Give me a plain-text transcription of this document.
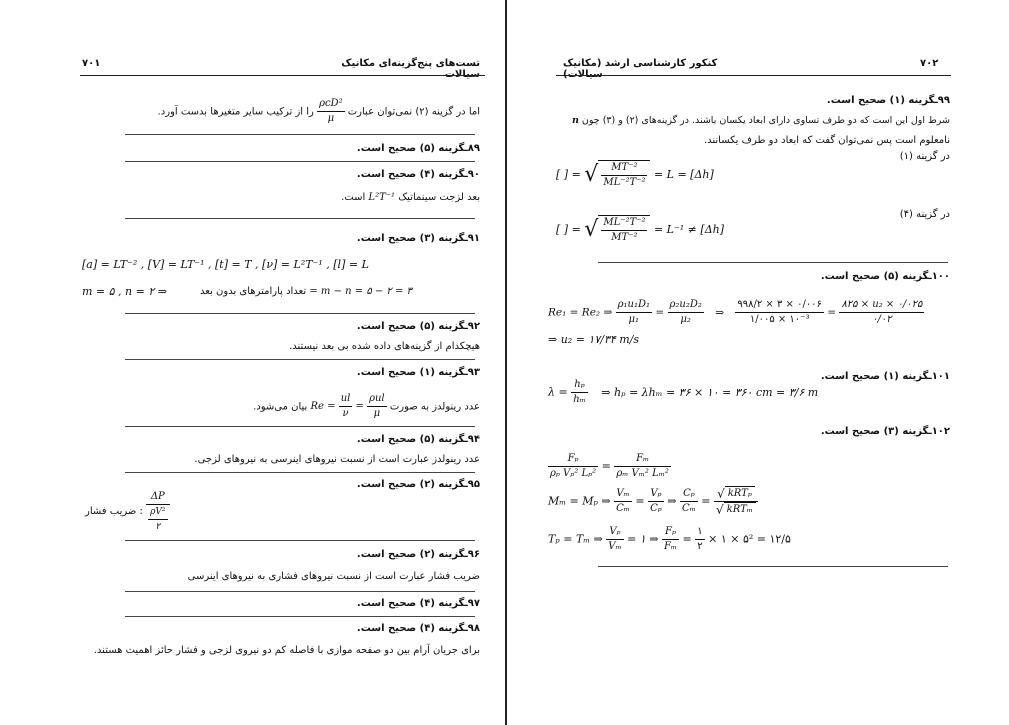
تست‌های پنج‌گزینه‌ای مکانیک سیالات
۷۰۱
اما در گزینه (۲) نمی‌توان عبارت
$\frac{\text{ρcD²}}{\mu}$
را از ترکیب سایر متغیرها بدست آورد.
۸۹ـگزینه (۵) صحیح است.
۹۰ـگزینه (۴) صحیح است.
بعد لزجت سینماتیک L²T⁻¹ است.
۹۱ـگزینه (۳) صحیح است.
[a] = LT⁻² , [V] = LT⁻¹ , [t] = T , [ν] = L²T⁻¹ , [l] = L
m = ۵ , n = ۲ ⇒	تعداد پارامترهای بدون بعد = m − n = ۵ − ۲ = ۳
۹۲ـگزینه (۵) صحیح است.
هیچکدام از گزینه‌های داده شده بی بعد نیستند.
۹۳ـگزینه (۱) صحیح است.
عدد رینولدز به صورت $Re = \frac{ul}{\nu} = \frac{\text{ρul}}{\mu}$
بیان می‌شود.
۹۴ـگزینه (۵) صحیح است.
عدد رینولدز عبارت است از نسبت نیروهای اینرسی به نیروهای لزجی.
۹۵ـگزینه (۲) صحیح است.
: ضریب فشار $\frac{\Delta P}{\frac{\text{ρV²}}{۲}}$
۹۶ـگزینه (۲) صحیح است.
ضریب فشار عبارت است از نسبت نیروهای فشاری به نیروهای اینرسی
۹۷ـگزینه (۴) صحیح است.
۹۸ـگزینه (۴) صحیح است.
برای جریان آرام بین دو صفحه موازی با فاصله کم دو نیروی لزجی و فشار حائز اهمیت هستند.
کنکور کارشناسی ارشد (مکانیک سیالات)
۷۰۲
۹۹ـگزینه (۱) صحیح است.
شرط اول این است که دو طرف تساوی دارای ابعاد یکسان باشند. در گزینه‌های (۲) و (۳) چون n
نامعلوم است پس نمی‌توان گفت که ابعاد دو طرف یکسانند.
در گزینه (۱)
[ ] = √ $\frac{\text{MT⁻²}}{\text{ML⁻²T⁻²}} = L = [\Delta h]$
در گزینه (۴)
[ ] = √ $\frac{\text{ML⁻²T⁻²}}{\text{MT⁻²}} = L^{-1} \ne [\Delta h]$
۱۰۰ـگزینه (۵) صحیح است.
Re₁ = Re₂ ⇒ $\frac{\text{ρ₁u₁D₁}}{\text{μ₁}} = \frac{\text{ρ₂u₂D₂}}{\text{μ₂}}$ ⇒ $\frac{۹۹۸/۲ \times ۳ \times ۰/۰۰۶}{\text{۱/۰۰۵ × ۱۰⁻³}} = \frac{\text{۸۲۵ × u₂ × ۰/۰۲۵}}{۰/۰۲}$
⇒ u₂ = ۱۷/۳۴ m/s
۱۰۱ـگزینه (۱) صحیح است.
$\lambda = \frac{\text{hₚ}}{\text{hₘ}}$ ⇒ hₚ = λhₘ = ۳۶ × ۱۰ = ۳۶۰ cm = ۳/۶ m
۱۰۲ـگزینه (۳) صحیح است.
$\frac{\text{Fₚ}}{\text{ρₚ Vₚ² Lₚ²}} = \frac{\text{Fₘ}}{\text{ρₘ Vₘ² Lₘ²}}$
Mₘ = Mₚ ⇒ $\frac{\text{Vₘ}}{\text{Cₘ}} = \frac{\text{Vₚ}}{\text{Cₚ}}$ ⇒ $\frac{\text{Cₚ}}{\text{Cₘ}} = \frac{\text{√ kRTₚ}}{\text{√ kRTₘ}}$
Tₚ = Tₘ ⇒ $\frac{\text{Vₚ}}{\text{Vₘ}}$ = ۱ ⇒ $\frac{\text{Fₚ}}{\text{Fₘ}} = \frac{۱}{۲}$ × ۱ × ۵² = ۱۲/۵
